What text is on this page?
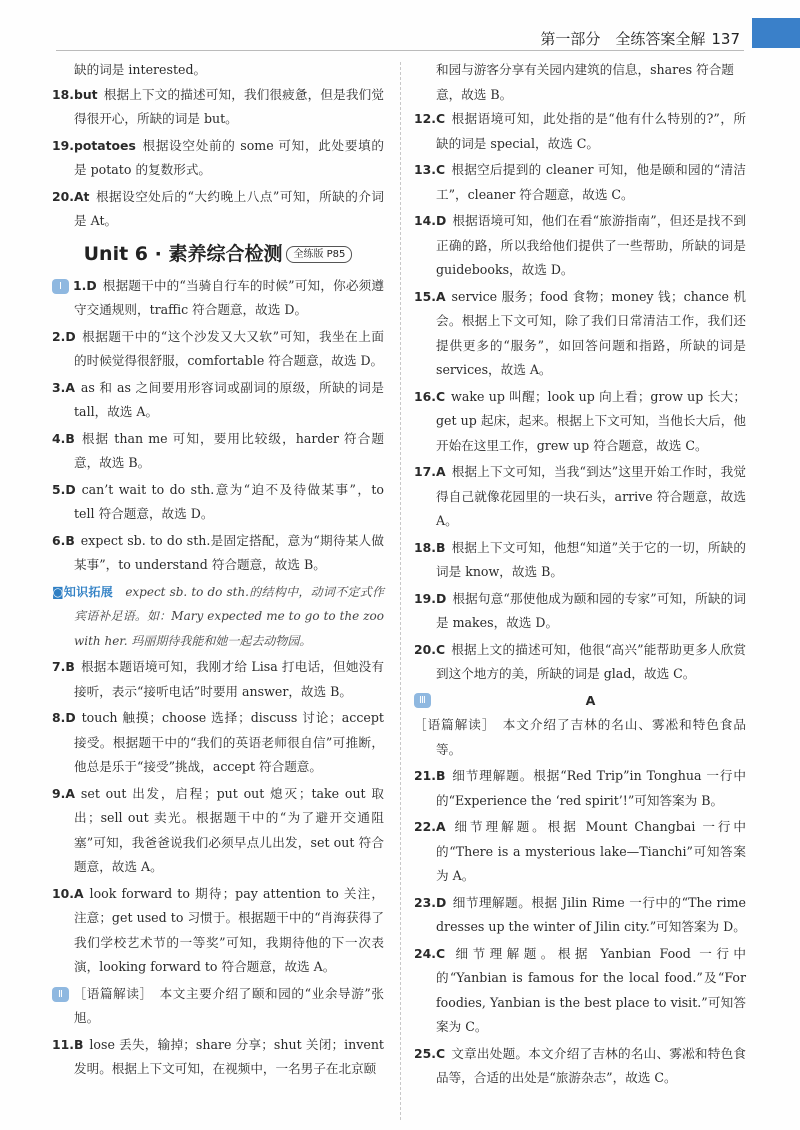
第一部分　全练答案全解 137
缺的词是 interested。
18.but 根据上下文的描述可知，我们很疲惫，但是我们觉得很开心，所缺的词是 but。
19.potatoes 根据设空处前的 some 可知，此处要填的是 potato 的复数形式。
20.At 根据设空处后的“大约晚上八点”可知，所缺的介词是 At。
Unit 6 · 素养综合检测 全练版 P85
Ⅰ 1.D 根据题干中的“当骑自行车的时候”可知，你必须遵守交通规则，traffic 符合题意，故选 D。
2.D 根据题干中的“这个沙发又大又软”可知，我坐在上面的时候觉得很舒服，comfortable 符合题意，故选 D。
3.A as 和 as 之间要用形容词或副词的原级，所缺的词是 tall，故选 A。
4.B 根据 than me 可知，要用比较级，harder 符合题意，故选 B。
5.D can’t wait to do sth.意为“迫不及待做某事”，to tell 符合题意，故选 D。
6.B expect sb. to do sth.是固定搭配，意为“期待某人做某事”，to understand 符合题意，故选 B。
◙知识拓展　 expect sb. to do sth.的结构中，动词不定式作宾语补足语。如：Mary expected me to go to the zoo with her. 玛丽期待我能和她一起去动物园。
7.B 根据本题语境可知，我刚才给 Lisa 打电话，但她没有接听，表示“接听电话”时要用 answer，故选 B。
8.D touch 触摸；choose 选择；discuss 讨论；accept 接受。根据题干中的“我们的英语老师很自信”可推断，他总是乐于“接受”挑战，accept 符合题意。
9.A set out 出发，启程；put out 熄灭；take out 取出；sell out 卖光。根据题干中的“为了避开交通阻塞”可知，我爸爸说我们必须早点儿出发，set out 符合题意，故选 A。
10.A look forward to 期待；pay attention to 关注，注意；get used to 习惯于。根据题干中的“肖海获得了我们学校艺术节的一等奖”可知，我期待他的下一次表演，looking forward to 符合题意，故选 A。
Ⅱ ［语篇解读］　本文主要介绍了颐和园的“业余导游”张旭。
11.B lose 丢失，输掉；share 分享；shut 关闭；invent 发明。根据上下文可知，在视频中，一名男子在北京颐
和园与游客分享有关园内建筑的信息，shares 符合题意，故选 B。
12.C 根据语境可知，此处指的是“他有什么特别的?”，所缺的词是 special，故选 C。
13.C 根据空后提到的 cleaner 可知，他是颐和园的“清洁工”，cleaner 符合题意，故选 C。
14.D 根据语境可知，他们在看“旅游指南”，但还是找不到正确的路，所以我给他们提供了一些帮助，所缺的词是 guidebooks，故选 D。
15.A service 服务；food 食物；money 钱；chance 机会。根据上下文可知，除了我们日常清洁工作，我们还提供更多的“服务”，如回答问题和指路，所缺的词是 services，故选 A。
16.C wake up 叫醒；look up 向上看；grow up 长大；get up 起床，起来。根据上下文可知，当他长大后，他开始在这里工作，grew up 符合题意，故选 C。
17.A 根据上下文可知，当我“到达”这里开始工作时，我觉得自己就像花园里的一块石头，arrive 符合题意，故选 A。
18.B 根据上下文可知，他想“知道”关于它的一切，所缺的词是 know，故选 B。
19.D 根据句意“那使他成为颐和园的专家”可知，所缺的词是 makes，故选 D。
20.C 根据上文的描述可知，他很“高兴”能帮助更多人欣赏到这个地方的美，所缺的词是 glad，故选 C。
Ⅲ	A
［语篇解读］　本文介绍了吉林的名山、雾凇和特色食品等。
21.B 细节理解题。根据“Red Trip”in Tonghua 一行中的“Experience the ‘red spirit’!”可知答案为 B。
22.A 细节理解题。根据 Mount Changbai 一行中的“There is a mysterious lake—Tianchi”可知答案为 A。
23.D 细节理解题。根据 Jilin Rime 一行中的“The rime dresses up the winter of Jilin city.”可知答案为 D。
24.C 细节理解题。根据 Yanbian Food 一行中的“Yanbian is famous for the local food.”及“For foodies, Yanbian is the best place to visit.”可知答案为 C。
25.C 文章出处题。本文介绍了吉林的名山、雾凇和特色食品等，合适的出处是“旅游杂志”，故选 C。
